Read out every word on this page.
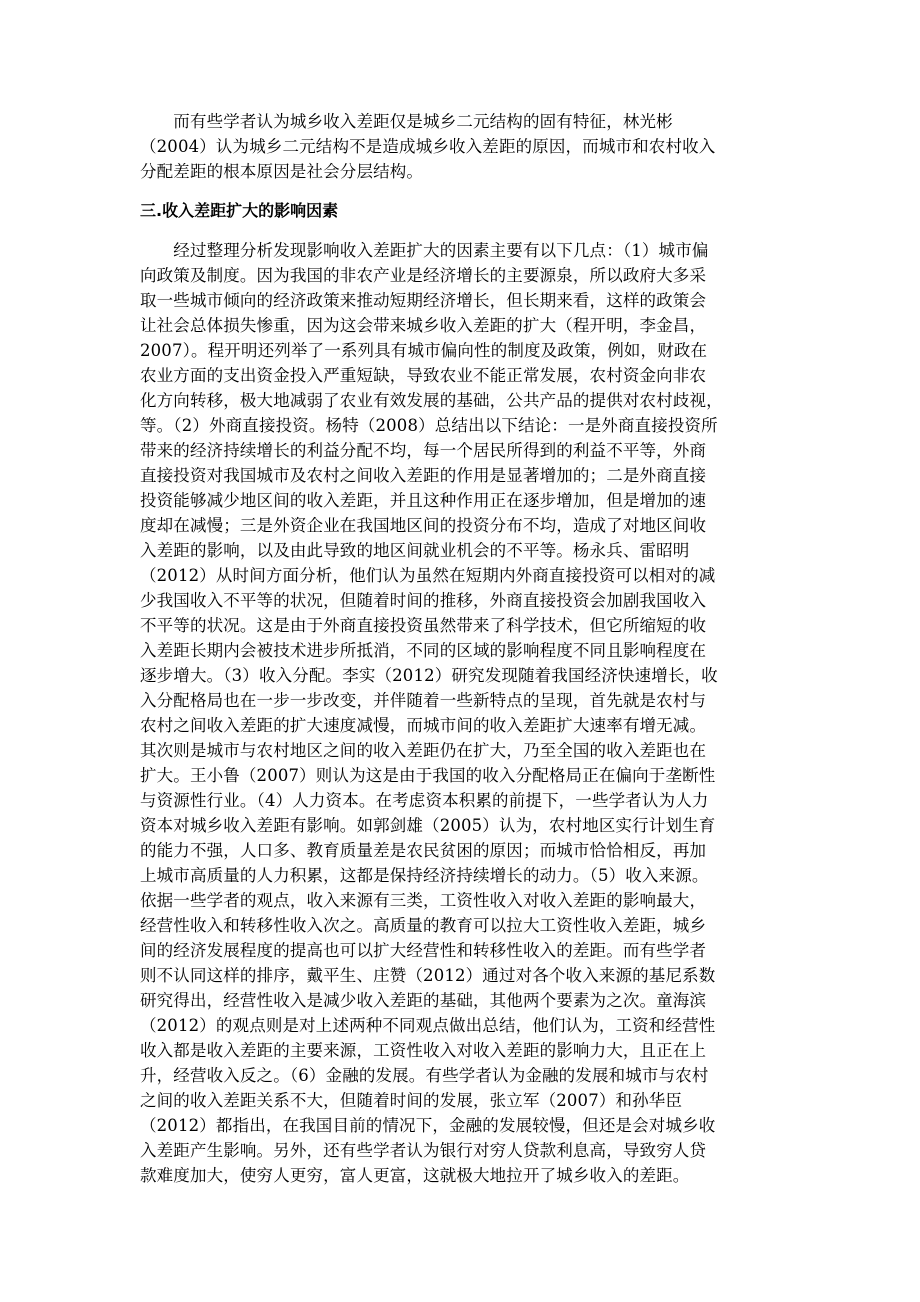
　　而有些学者认为城乡收入差距仅是城乡二元结构的固有特征，林光彬
（2004）认为城乡二元结构不是造成城乡收入差距的原因，而城市和农村收入
分配差距的根本原因是社会分层结构。
三.收入差距扩大的影响因素
　　经过整理分析发现影响收入差距扩大的因素主要有以下几点：（1）城市偏
向政策及制度。因为我国的非农产业是经济增长的主要源泉，所以政府大多采
取一些城市倾向的经济政策来推动短期经济增长，但长期来看，这样的政策会
让社会总体损失惨重，因为这会带来城乡收入差距的扩大（程开明，李金昌，
2007）。程开明还列举了一系列具有城市偏向性的制度及政策，例如，财政在
农业方面的支出资金投入严重短缺，导致农业不能正常发展，农村资金向非农
化方向转移，极大地减弱了农业有效发展的基础，公共产品的提供对农村歧视，
等。（2）外商直接投资。杨特（2008）总结出以下结论：一是外商直接投资所
带来的经济持续增长的利益分配不均，每一个居民所得到的利益不平等，外商
直接投资对我国城市及农村之间收入差距的作用是显著增加的；二是外商直接
投资能够减少地区间的收入差距，并且这种作用正在逐步增加，但是增加的速
度却在减慢；三是外资企业在我国地区间的投资分布不均，造成了对地区间收
入差距的影响，以及由此导致的地区间就业机会的不平等。杨永兵、雷昭明
（2012）从时间方面分析，他们认为虽然在短期内外商直接投资可以相对的减
少我国收入不平等的状况，但随着时间的推移，外商直接投资会加剧我国收入
不平等的状况。这是由于外商直接投资虽然带来了科学技术，但它所缩短的收
入差距长期内会被技术进步所抵消，不同的区域的影响程度不同且影响程度在
逐步增大。（3）收入分配。李实（2012）研究发现随着我国经济快速增长，收
入分配格局也在一步一步改变，并伴随着一些新特点的呈现，首先就是农村与
农村之间收入差距的扩大速度减慢，而城市间的收入差距扩大速率有增无减。
其次则是城市与农村地区之间的收入差距仍在扩大，乃至全国的收入差距也在
扩大。王小鲁（2007）则认为这是由于我国的收入分配格局正在偏向于垄断性
与资源性行业。（4）人力资本。在考虑资本积累的前提下，一些学者认为人力
资本对城乡收入差距有影响。如郭剑雄（2005）认为，农村地区实行计划生育
的能力不强，人口多、教育质量差是农民贫困的原因；而城市恰恰相反，再加
上城市高质量的人力积累，这都是保持经济持续增长的动力。（5）收入来源。
依据一些学者的观点，收入来源有三类，工资性收入对收入差距的影响最大，
经营性收入和转移性收入次之。高质量的教育可以拉大工资性收入差距，城乡
间的经济发展程度的提高也可以扩大经营性和转移性收入的差距。而有些学者
则不认同这样的排序，戴平生、庄赞（2012）通过对各个收入来源的基尼系数
研究得出，经营性收入是减少收入差距的基础，其他两个要素为之次。童海滨
（2012）的观点则是对上述两种不同观点做出总结，他们认为，工资和经营性
收入都是收入差距的主要来源，工资性收入对收入差距的影响力大，且正在上
升，经营收入反之。（6）金融的发展。有些学者认为金融的发展和城市与农村
之间的收入差距关系不大，但随着时间的发展，张立军（2007）和孙华臣
（2012）都指出，在我国目前的情况下，金融的发展较慢，但还是会对城乡收
入差距产生影响。另外，还有些学者认为银行对穷人贷款利息高，导致穷人贷
款难度加大，使穷人更穷，富人更富，这就极大地拉开了城乡收入的差距。
